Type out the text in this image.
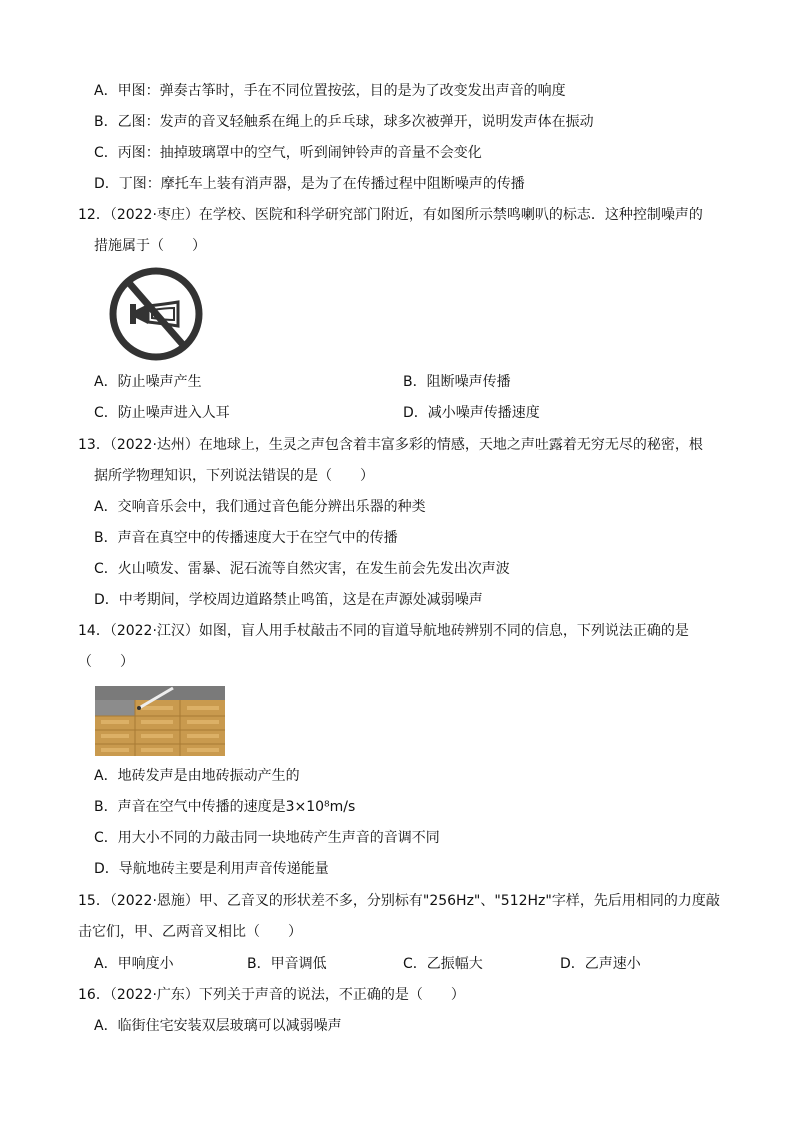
A．甲图：弹奏古筝时，手在不同位置按弦，目的是为了改变发出声音的响度
B．乙图：发声的音叉轻触系在绳上的乒乓球，球多次被弹开，说明发声体在振动
C．丙图：抽掉玻璃罩中的空气，听到闹钟铃声的音量不会变化
D．丁图：摩托车上装有消声器，是为了在传播过程中阻断噪声的传播
12．（2022·枣庄）在学校、医院和科学研究部门附近，有如图所示禁鸣喇叭的标志．这种控制噪声的
措施属于（　　）
A．防止噪声产生	B．阻断噪声传播
C．防止噪声进入人耳	D．减小噪声传播速度
13．（2022·达州）在地球上，生灵之声包含着丰富多彩的情感，天地之声吐露着无穷无尽的秘密，根
据所学物理知识，下列说法错误的是（　　）
A．交响音乐会中，我们通过音色能分辨出乐器的种类
B．声音在真空中的传播速度大于在空气中的传播
C．火山喷发、雷暴、泥石流等自然灾害，在发生前会先发出次声波
D．中考期间，学校周边道路禁止鸣笛，这是在声源处减弱噪声
14．（2022·江汉）如图，盲人用手杖敲击不同的盲道导航地砖辨别不同的信息，下列说法正确的是
（　　）
A．地砖发声是由地砖振动产生的
B．声音在空气中传播的速度是3×10⁸m/s
C．用大小不同的力敲击同一块地砖产生声音的音调不同
D．导航地砖主要是利用声音传递能量
15．（2022·恩施）甲、乙音叉的形状差不多，分别标有"256Hz"、"512Hz"字样，先后用相同的力度敲
击它们，甲、乙两音叉相比（　　）
A．甲响度小	B．甲音调低	C．乙振幅大	D．乙声速小
16．（2022·广东）下列关于声音的说法，不正确的是（　　）
A．临街住宅安装双层玻璃可以减弱噪声
